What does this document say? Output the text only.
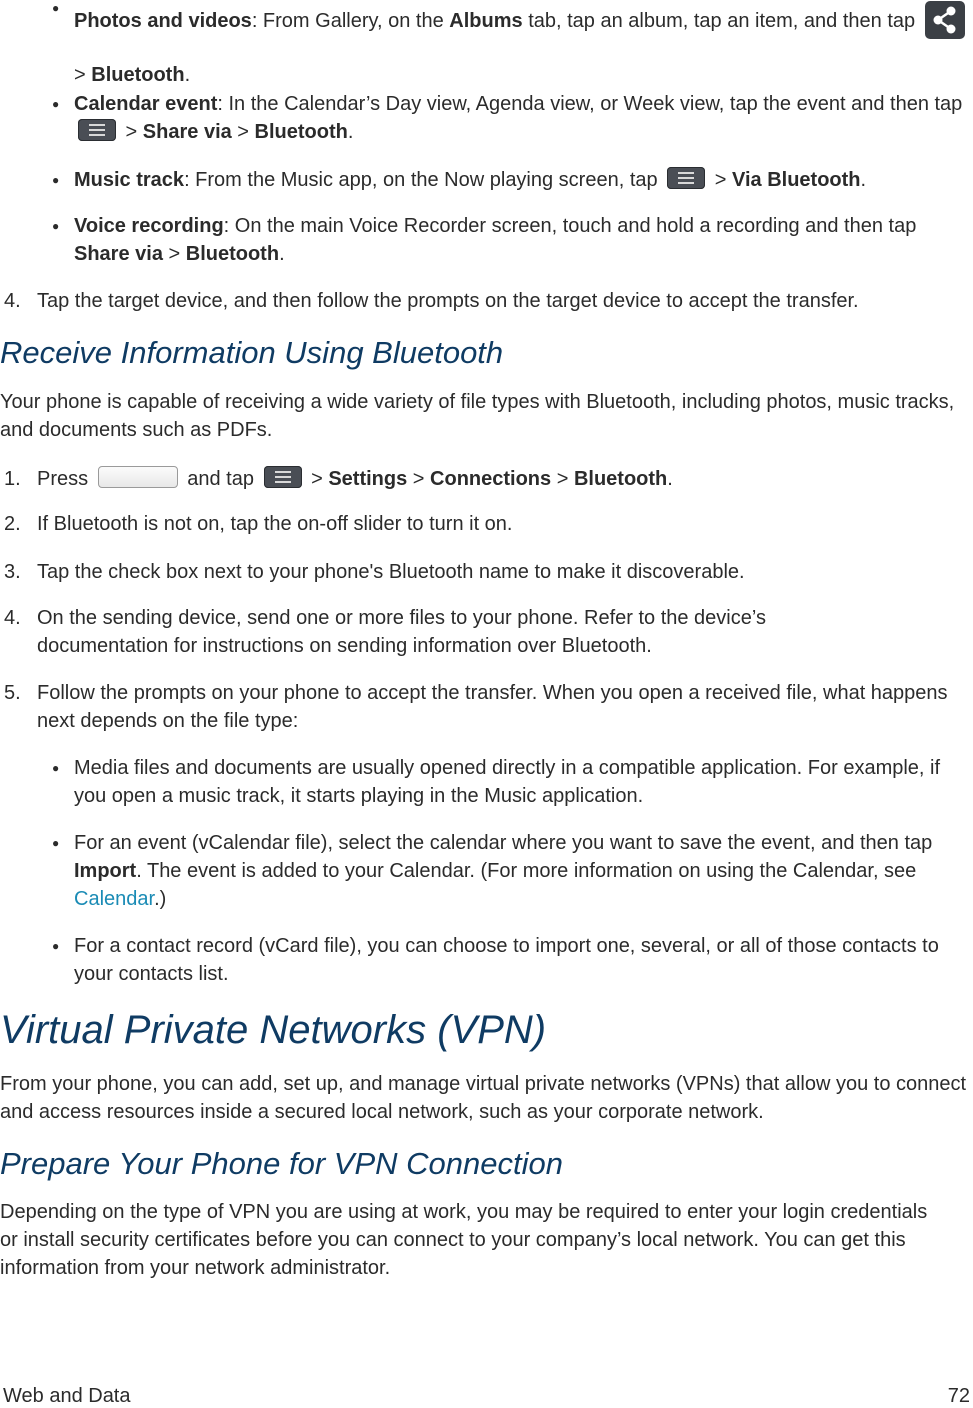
●
Photos and videos: From Gallery, on the Albums tab, tap an album, tap an item, and then tap  > Bluetooth.
● Calendar event: In the Calendar’s Day view, Agenda view, or Week view, tap the event and then tap  > Share via > Bluetooth.
● Music track: From the Music app, on the Now playing screen, tap  > Via Bluetooth.
● Voice recording: On the main Voice Recorder screen, touch and hold a recording and then tap Share via > Bluetooth.
4. Tap the target device, and then follow the prompts on the target device to accept the transfer.
Receive Information Using Bluetooth
Your phone is capable of receiving a wide variety of file types with Bluetooth, including photos, music tracks, and documents such as PDFs.
1. Press	and tap  > Settings > Connections > Bluetooth.
2. If Bluetooth is not on, tap the on-off slider to turn it on.
3. Tap the check box next to your phone's Bluetooth name to make it discoverable.
4. On the sending device, send one or more files to your phone. Refer to the device’s documentation for instructions on sending information over Bluetooth.
5. Follow the prompts on your phone to accept the transfer. When you open a received file, what happens next depends on the file type:
● Media files and documents are usually opened directly in a compatible application. For example, if you open a music track, it starts playing in the Music application.
● For an event (vCalendar file), select the calendar where you want to save the event, and then tap Import. The event is added to your Calendar. (For more information on using the Calendar, see Calendar.)
● For a contact record (vCard file), you can choose to import one, several, or all of those contacts to your contacts list.
Virtual Private Networks (VPN)
From your phone, you can add, set up, and manage virtual private networks (VPNs) that allow you to connect and access resources inside a secured local network, such as your corporate network.
Prepare Your Phone for VPN Connection
Depending on the type of VPN you are using at work, you may be required to enter your login credentials or install security certificates before you can connect to your company’s local network. You can get this information from your network administrator.
Web and Data	72
